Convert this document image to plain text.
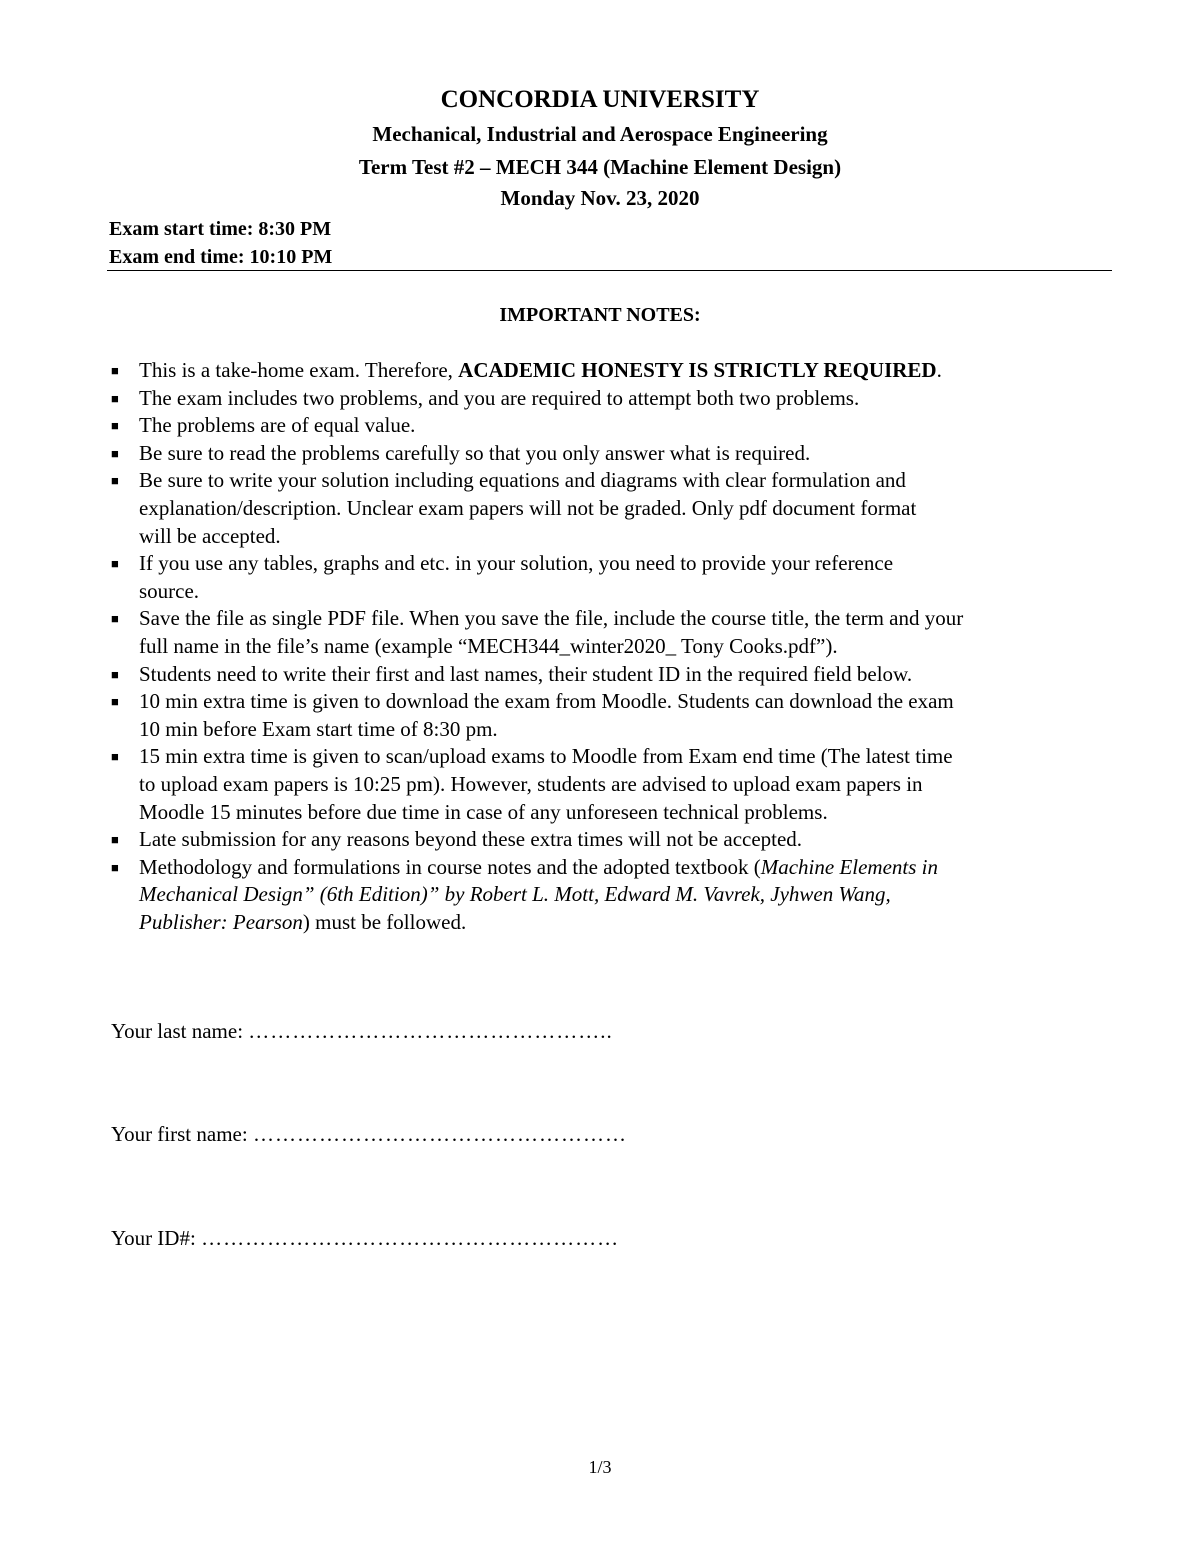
CONCORDIA UNIVERSITY
Mechanical, Industrial and Aerospace Engineering
Term Test #2 – MECH 344 (Machine Element Design)
Monday Nov. 23, 2020
Exam start time: 8:30 PM
Exam end time: 10:10 PM
IMPORTANT NOTES:
■ This is a take-home exam. Therefore, ACADEMIC HONESTY IS STRICTLY REQUIRED.
■ The exam includes two problems, and you are required to attempt both two problems.
■ The problems are of equal value.
■ Be sure to read the problems carefully so that you only answer what is required.
■ Be sure to write your solution including equations and diagrams with clear formulation and
explanation/description. Unclear exam papers will not be graded. Only pdf document format
will be accepted.
■ If you use any tables, graphs and etc. in your solution, you need to provide your reference
source.
■ Save the file as single PDF file. When you save the file, include the course title, the term and your
full name in the file’s name (example “MECH344_winter2020_ Tony Cooks.pdf”).
■ Students need to write their first and last names, their student ID in the required field below.
■ 10 min extra time is given to download the exam from Moodle. Students can download the exam
10 min before Exam start time of 8:30 pm.
■ 15 min extra time is given to scan/upload exams to Moodle from Exam end time (The latest time
to upload exam papers is 10:25 pm). However, students are advised to upload exam papers in
Moodle 15 minutes before due time in case of any unforeseen technical problems.
■ Late submission for any reasons beyond these extra times will not be accepted.
■ Methodology and formulations in course notes and the adopted textbook (Machine Elements in
Mechanical Design” (6th Edition)” by Robert L. Mott, Edward M. Vavrek, Jyhwen Wang,
Publisher: Pearson) must be followed.
Your last name: …………………………………………..
Your first name: ……………………………………………
Your ID#: …………………………………………………
1/3
